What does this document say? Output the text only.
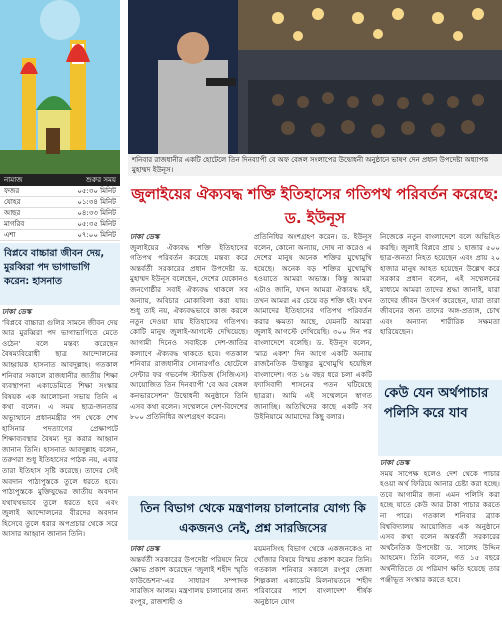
নামাজ	শুরুর সময়
ফজর	০৫:৩০ মিনিট
যোহর	০১:৩৪ মিনিট
আছর	০৪:৩৩ মিনিট
মাগরিব	০৫:৩৫ মিনিট
এশা	০৭:০০ মিনিট
বিপ্লবে বাচ্চারা জীবন দেয়, মুরব্বিরা পদ ভাগাভাগি করেন: হাসনাত
ঢাকা ডেস্ক
'বিপ্লবে বাচ্চারা গুলির সামনে জীবন দেয় আর মুরব্বিরা পদ ভাগাভাগিতে মেতে ওঠেন' বলে মন্তব্য করেছেন বৈষম্যবিরোধী ছাত্র আন্দোলনের আহ্বায়ক হাসনাত আবদুল্লাহ। গতকাল শনিবার সকালে রাজধানীর জাতীয় শিক্ষা ব্যবস্থাপনা একাডেমিতে শিক্ষা সংস্কার বিষয়ক এক আলোচনা সভায় তিনি এ কথা বলেন। এ সময় ছাত্র-জনতার অভ্যুত্থানে প্রধানমন্ত্রীর পদ থেকে শেখ হাসিনার পদত্যাগের প্রেক্ষাপটে শিক্ষাব্যবস্থার বৈষম্য দূর করার আহ্বান জানান তিনি। হাসনাত আবদুল্লাহ বলেন, তরুণরা শুধু ইতিহাসের পাঠক নয়, এবার তারা ইতিহাস সৃষ্টি করেছে। তাদের সেই অবদান পাঠ্যপুস্তকে তুলে ধরতে হবে। পাঠ্যপুস্তকে মুক্তিযুদ্ধের জাতীয় অবদান যথাযথভাবে তুলে ধরতে হবে এবং জুলাই আন্দোলনের বীরদের অবদান হিসেবে তুলে ধরার অপপ্রচার থেকে সরে আসার আহ্বান জানান তিনি।
শনিবার রাজধানীর একটি হোটেলে তিন দিনব্যাপী বে অফ বেঙ্গল সংলাপের উদ্বোধনী অনুষ্ঠানে ভাষণ দেন প্রধান উপদেষ্টা অধ্যাপক মুহাম্মদ ইউনূস।
জুলাইয়ের ঐক্যবদ্ধ শক্তি ইতিহাসের গতিপথ পরিবর্তন করেছে: ড. ইউনূস
ঢাকা ডেস্ক
জুলাইয়ের ঐক্যবদ্ধ শক্তি ইতিহাসের গতিপথ পরিবর্তন করেছে মন্তব্য করে অন্তর্বর্তী সরকারের প্রধান উপদেষ্টা ড. মুহাম্মদ ইউনূস বলেছেন, দেশের যেকোনও জনগোষ্ঠীর সবাই ঐক্যবদ্ধ থাকলে সব অন্যায়, অবিচার মোকাবিলা করা যায়। শুধু তাই নয়, ঐক্যবদ্ধভাবে কাজ করলে নতুন দেওয়া যায় ইতিহাসের গতিপথ। কোটি মানুষ জুলাই-আগস্টে দেখিয়েছে। আগামী দিনেও সবাইকে দেশ-জাতির কল্যাণে ঐক্যবদ্ধ থাকতে হবে। গতকাল শনিবার রাজধানীর সোনারগাঁও হোটেলে সেন্টার ফর গভর্নেন্স স্টাডিজ (সিজিএস) আয়োজিত তিন দিনব্যাপী 'বে অব বেঙ্গল কনভারসেশন' উদ্বোধনী অনুষ্ঠানে তিনি এসব কথা বলেন। সম্মেলনে দেশ-বিদেশের ৮০০ প্রতিনিধির অংশগ্রহণ করেন।
প্রতিনিধির অংশগ্রহণ করেন। ড. ইউনূস বলেন, কোনো অন্যায়, দোষ না করেও এ দেশের মানুষ অনেক শক্তির মুখোমুখি হয়েছে। অনেক বড় শক্তির মুখোমুখি হওয়াতে আমরা অভ্যস্ত। কিন্তু আমরা এটাও জানি, যখন আমরা ঐক্যবদ্ধ হই, তখন আমরা এর চেয়ে বড় শক্তি হই। যখন আমাদের ইতিহাসের গতিপথ পরিবর্তন করার ক্ষমতা আছে, যেমনটি আমরা জুলাই আগস্টে দেখিয়েছি। ৩০০ দিন পর বাংলাদেশে বলেছি। ড. ইউনূস বলেন, 'মাত্র একশ' দিন আগে একটি অন্যায় রাজনৈতিক উদ্বাস্তুর মুখোমুখি হয়েছিল বাংলাদেশ। গত ১৬ বছর ধরে চলা একটি ফ্যাসিবাদী শাসনের পতন ঘটিয়েছে ছাত্ররা। আমি এই সম্মেলনে স্বাগত জানাচ্ছি। অতিথিদের কাছে একটি সব উইনিয়ামে আমাদের কিছু বলার।
নিজেকে নতুন বাংলাদেশে বলে অভিহিত করছি। জুলাই বিপ্লবে প্রায় ১ হাজার ৫০০ ছাত্র-জনতা নিহত হয়েছেন এবং প্রায় ২০ হাজার মানুষ আহত হয়েছেন উল্লেখ করে সরকার প্রধান বলেন, এই সম্মেলনের মাধ্যমে আমরা তাদের শ্রদ্ধা জানাই, যারা তাদের জীবন উৎসর্গ করেছেন, যারা তারা জীবনের জন্য তাদের অঙ্গ-প্রত্যঙ্গ, চোখ এবং অন্যান্য শারীরিক সক্ষমতা হারিয়েছেন।
কেউ যেন অর্থপাচার পলিসি করে যাব
ঢাকা ডেস্ক
সময় সাপেক্ষ হলেও দেশ থেকে পাচার হওয়া অর্থ ফিরিয়ে আনার চেষ্টা করা হচ্ছে। তবে আগামীর জন্য এমন পলিসি করা হচ্ছে যাতে কেউ আর টাকা পাচার করতে না পারে। গতকাল শনিবার ব্র্যাক বিশ্ববিদ্যালয় আয়োজিত এক অনুষ্ঠানে এসব কথা বলেন অন্তর্বর্তী সরকারের অর্থনৈতিক উপদেষ্টা ড. সালেহ উদ্দিন আহমেদ। তিনি বলেন, গত ১৫ বছরে অর্থনীতিতে যে পরিমাণ ক্ষতি হয়েছে তার পঞ্জীভূত সংস্কার করতে হবে।
তিন বিভাগ থেকে মন্ত্রণালয় চালানোর যোগ্য কি একজনও নেই, প্রশ্ন সারজিসের
ঢাকা ডেস্ক
অন্তর্বর্তী সরকারের উপদেষ্টা পরিষদে নিয়ে ক্ষোভ প্রকাশ করেছেন 'জুলাই শহীদ স্মৃতি ফাউন্ডেশন'-এর সাধারণ সম্পাদক সারজিস আলম। মন্ত্রণালয় চালানোর জন্য রংপুর, রাজশাহী ও
ময়মনসিংহ বিভাগ থেকে একজনকেও না খোঁজার বিষয়ে বিস্ময় প্রকাশ করেন তিনি। গতকাল শনিবার সকালে রংপুর জেলা শিল্পকলা একাডেমি মিলনায়তনে 'শহীদ পরিবারের পাশে বাংলাদেশ' শীর্ষক অনুষ্ঠানে যোগ
